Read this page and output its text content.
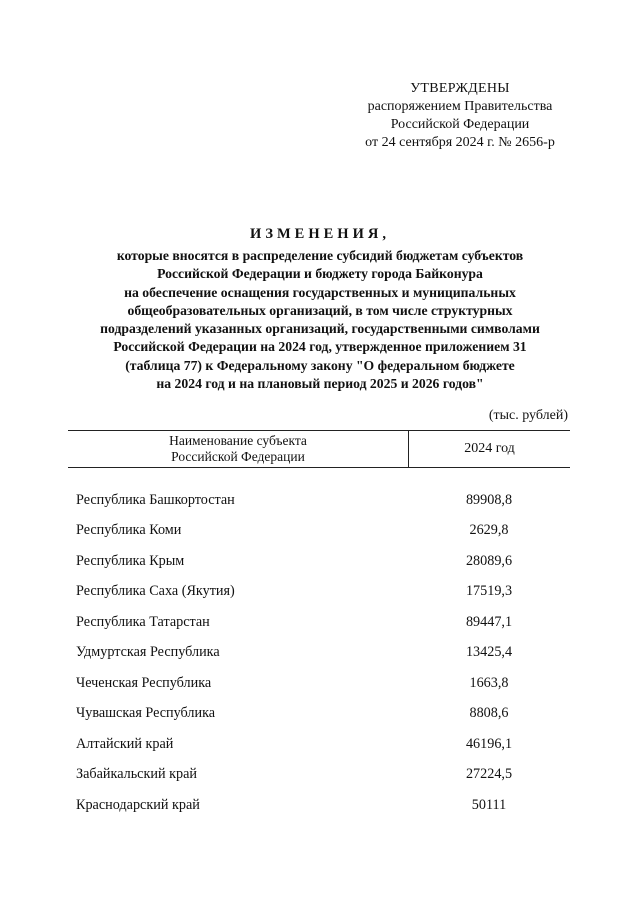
УТВЕРЖДЕНЫ
распоряжением Правительства
Российской Федерации
от 24 сентября 2024 г. № 2656-р
ИЗМЕНЕНИЯ,
которые вносятся в распределение субсидий бюджетам субъектов
Российской Федерации и бюджету города Байконура
на обеспечение оснащения государственных и муниципальных
общеобразовательных организаций, в том числе структурных
подразделений указанных организаций, государственными символами
Российской Федерации на 2024 год, утвержденное приложением 31
(таблица 77) к Федеральному закону "О федеральном бюджете
на 2024 год и на плановый период 2025 и 2026 годов"
(тыс. рублей)
Наименование субъекта
Российской Федерации
2024 год
Республика Башкортостан	89908,8
Республика Коми	2629,8
Республика Крым	28089,6
Республика Саха (Якутия)	17519,3
Республика Татарстан	89447,1
Удмуртская Республика	13425,4
Чеченская Республика	1663,8
Чувашская Республика	8808,6
Алтайский край	46196,1
Забайкальский край	27224,5
Краснодарский край	50111
